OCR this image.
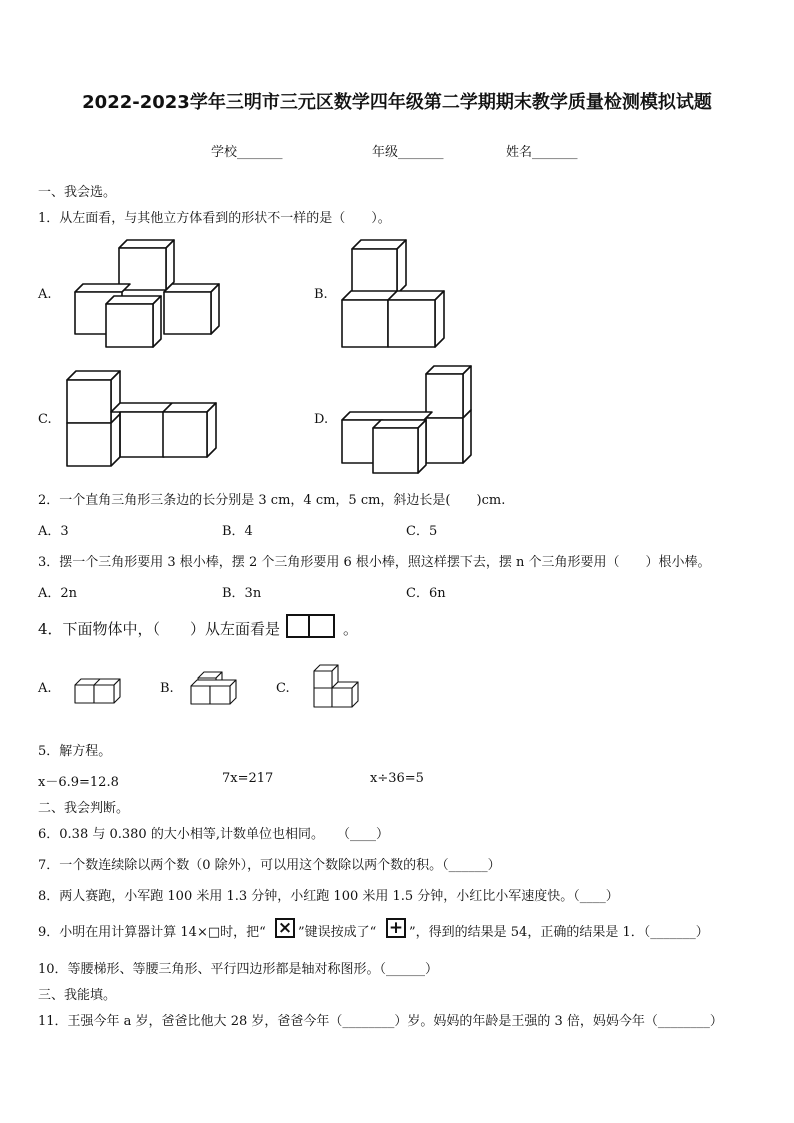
2022-2023学年三明市三元区数学四年级第二学期期末教学质量检测模拟试题
学校_______	年级_______	姓名_______
一、我会选。
1．从左面看，与其他立方体看到的形状不一样的是（　　）。
A.	B.
C.	D.
2．一个直角三角形三条边的长分别是 3 cm，4 cm，5 cm，斜边长是(　　)cm.
A．3	B．4	C．5
3．摆一个三角形要用 3 根小棒，摆 2 个三角形要用 6 根小棒，照这样摆下去，摆 n 个三角形要用（　　）根小棒。
A．2n	B．3n	C．6n
4．下面物体中，（　　）从左面看是	。
A.	B.	C.
5．解方程。
x－6.9=12.8	7x=217	x÷36=5
二、我会判断。
6．0.38 与 0.380 的大小相等,计数单位也相同。　　（____）
7．一个数连续除以两个数（0 除外），可以用这个数除以两个数的积。（______）
8．两人赛跑，小军跑 100 米用 1.3 分钟，小红跑 100 米用 1.5 分钟，小红比小军速度快。（____）
9．小明在用计算器计算 14×□时，把“ × ”键误按成了“ + ”，得到的结果是 54，正确的结果是 1．（_______）
10．等腰梯形、等腰三角形、平行四边形都是轴对称图形。（______）
三、我能填。
11．王强今年 a 岁，爸爸比他大 28 岁，爸爸今年（________）岁。妈妈的年龄是王强的 3 倍，妈妈今年（________）
